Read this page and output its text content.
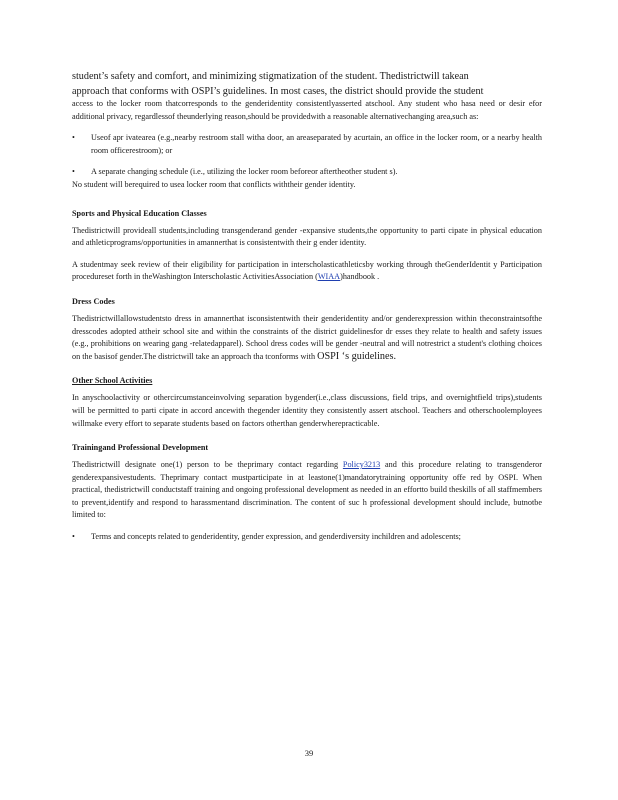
student’s safety and comfort, and minimizing stigmatization of the student. Thedistrictwill takean

approach that conforms with OSPI’s guidelines. In most cases, the district should provide the student

access to the locker room thatcorresponds to the genderidentity consistentlyasserted atschool. Any student who hasa need or desir efor additional privacy, regardlessof theunderlying reason,should be providedwith a reasonable alternativechanging area,such as:

• Useof apr ivatearea (e.g.,nearby restroom stall witha door, an areaseparated by acurtain, an office in the locker room, or a nearby health room officerestroom); or
• A separate changing schedule (i.e., utilizing the locker room beforeor aftertheother student s).

No student will berequired to usea locker room that conflicts withtheir gender identity.

Sports and Physical Education Classes

Thedistrictwill provideall students,including transgenderand gender -expansive students,the opportunity to parti cipate in physical education and athleticprograms/opportunities in amannerthat is consistentwith their g ender identity.

A studentmay seek review of their eligibility for participation in interscholasticathleticsby working through theGenderIdentit y Participation procedureset forth in theWashington Interscholastic ActivitiesAssociation (WIAA)handbook .

Dress Codes

Thedistrictwillallowstudentsto dress in amannerthat isconsistentwith their genderidentity and/or genderexpression within theconstraintsofthe dresscodes adopted attheir school site and within the constraints of the district guidelinesfor dr esses they relate to health and safety issues (e.g., prohibitions on wearing gang -relatedapparel). School dress codes will be gender -neutral and will notrestrict a student's clothing choices on the basisof gender.The districtwill take an approach tha tconforms with OSPI ‘s guidelines.

Other School Activities

In anyschoolactivity or othercircumstanceinvolving separation bygender(i.e.,class discussions, field trips, and overnightfield trips),students will be permitted to parti cipate in accord ancewith thegender identity they consistently assert atschool. Teachers and otherschoolemployees willmake every effort to separate students based on factors otherthan genderwherepracticable.

Trainingand Professional Development

Thedistrictwill designate one(1) person to be theprimary contact regarding Policy3213 and this procedure relating to transgenderor genderexpansivestudents. Theprimary contact mustparticipate in at leastone(1)mandatorytraining opportunity offe red by OSPI. When practical, thedistrictwill conductstaff training and ongoing professional development as needed in an effortto build theskills of all staffmembers to prevent,identify and respond to harassmentand discrimination. The content of suc h professional development should include, butnotbe limited to:

• Terms and concepts related to genderidentity, gender expression, and genderdiversity inchildren and adolescents;
39
